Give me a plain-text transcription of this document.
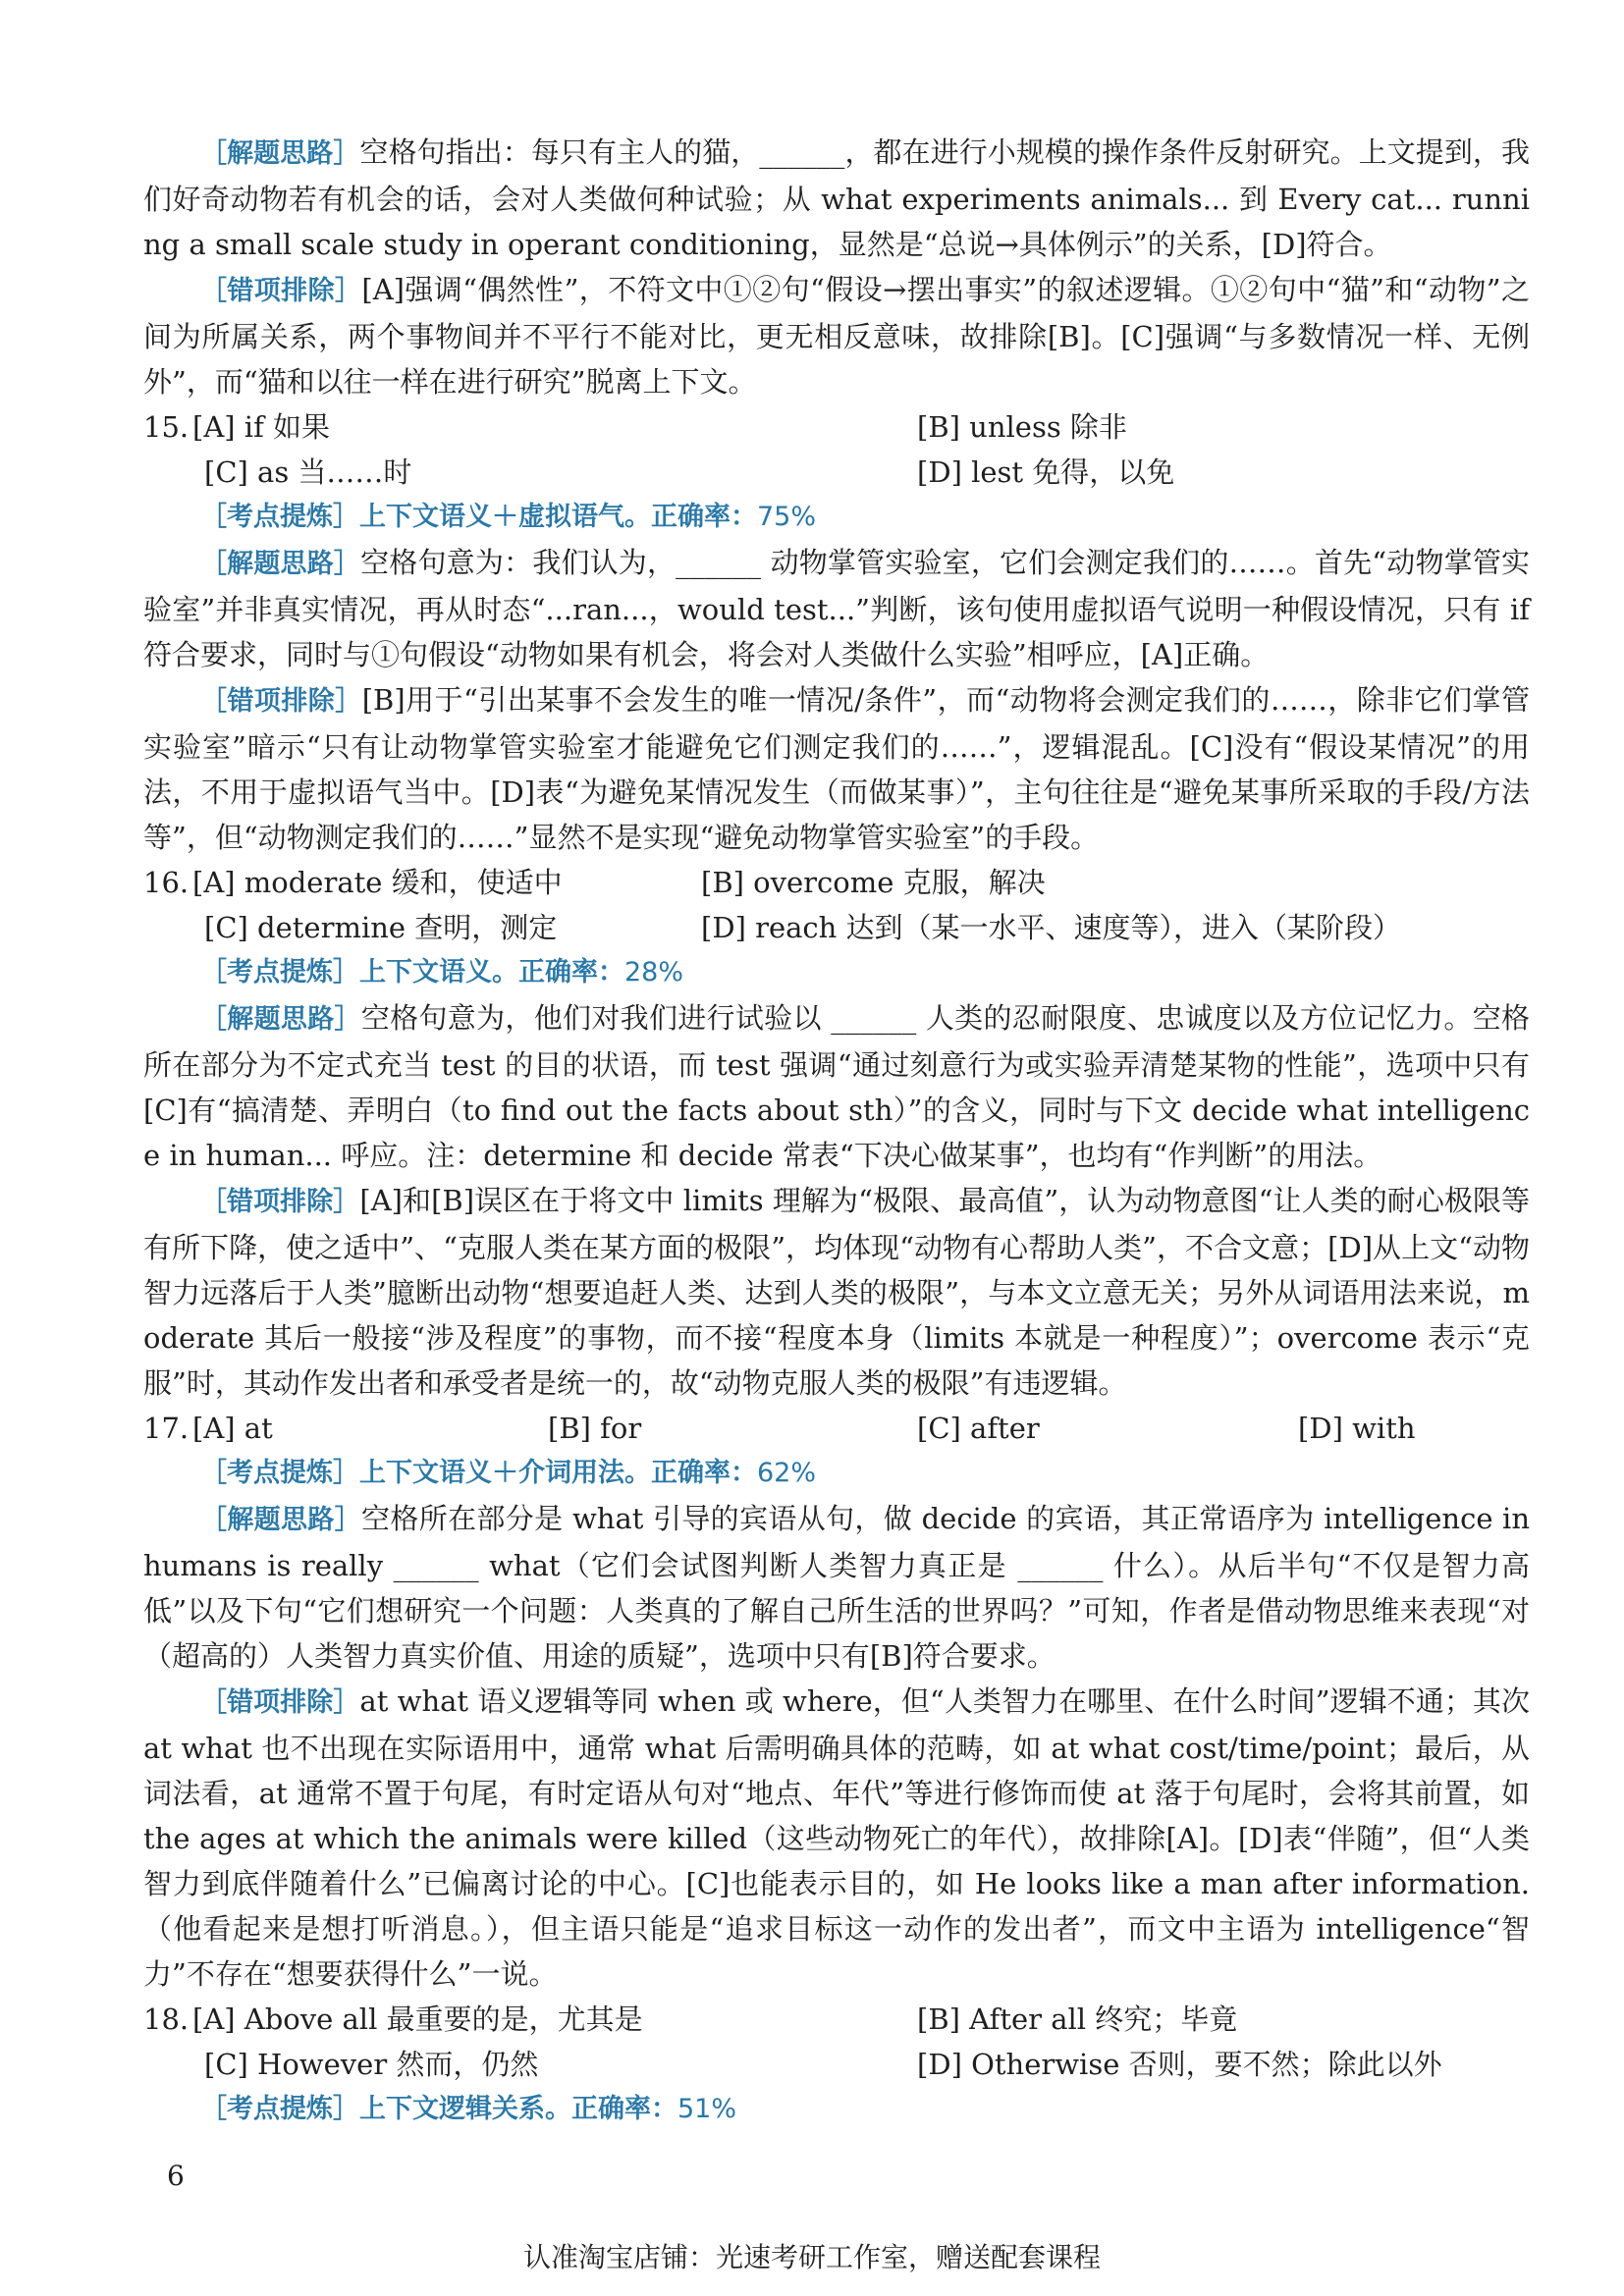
［解题思路］空格句指出：每只有主人的猫，______，都在进行小规模的操作条件反射研究。上文提到，我们好奇动物若有机会的话，会对人类做何种试验；从 what experiments animals... 到 Every cat... running a small scale study in operant conditioning，显然是“总说→具体例示”的关系，[D]符合。

［错项排除］[A]强调“偶然性”，不符文中①②句“假设→摆出事实”的叙述逻辑。①②句中“猫”和“动物”之间为所属关系，两个事物间并不平行不能对比，更无相反意味，故排除[B]。[C]强调“与多数情况一样、无例外”，而“猫和以往一样在进行研究”脱离上下文。

15. [A] if 如果	[B] unless 除非
[C] as 当……时	[D] lest 免得，以免
［考点提炼］上下文语义＋虚拟语气。正确率：75%

［解题思路］空格句意为：我们认为，______ 动物掌管实验室，它们会测定我们的……。首先“动物掌管实验室”并非真实情况，再从时态“...ran...，would test...”判断，该句使用虚拟语气说明一种假设情况，只有 if 符合要求，同时与①句假设“动物如果有机会，将会对人类做什么实验”相呼应，[A]正确。

［错项排除］[B]用于“引出某事不会发生的唯一情况/条件”，而“动物将会测定我们的……，除非它们掌管实验室”暗示“只有让动物掌管实验室才能避免它们测定我们的……”，逻辑混乱。[C]没有“假设某情况”的用法，不用于虚拟语气当中。[D]表“为避免某情况发生（而做某事）”，主句往往是“避免某事所采取的手段/方法等”，但“动物测定我们的……”显然不是实现“避免动物掌管实验室”的手段。

16. [A] moderate 缓和，使适中	[B] overcome 克服，解决
[C] determine 查明，测定	[D] reach 达到（某一水平、速度等），进入（某阶段）
［考点提炼］上下文语义。正确率：28%

［解题思路］空格句意为，他们对我们进行试验以 ______ 人类的忍耐限度、忠诚度以及方位记忆力。空格所在部分为不定式充当 test 的目的状语，而 test 强调“通过刻意行为或实验弄清楚某物的性能”，选项中只有[C]有“搞清楚、弄明白（to find out the facts about sth）”的含义，同时与下文 decide what intelligence in human... 呼应。注：determine 和 decide 常表“下决心做某事”，也均有“作判断”的用法。

［错项排除］[A]和[B]误区在于将文中 limits 理解为“极限、最高值”，认为动物意图“让人类的耐心极限等有所下降，使之适中”、“克服人类在某方面的极限”，均体现“动物有心帮助人类”，不合文意；[D]从上文“动物智力远落后于人类”臆断出动物“想要追赶人类、达到人类的极限”，与本文立意无关；另外从词语用法来说，moderate 其后一般接“涉及程度”的事物，而不接“程度本身（limits 本就是一种程度）”；overcome 表示“克服”时，其动作发出者和承受者是统一的，故“动物克服人类的极限”有违逻辑。

17. [A] at	[B] for	[C] after	[D] with
［考点提炼］上下文语义＋介词用法。正确率：62%

［解题思路］空格所在部分是 what 引导的宾语从句，做 decide 的宾语，其正常语序为 intelligence in humans is really ______ what（它们会试图判断人类智力真正是 ______ 什么）。从后半句“不仅是智力高低”以及下句“它们想研究一个问题：人类真的了解自己所生活的世界吗？”可知，作者是借动物思维来表现“对（超高的）人类智力真实价值、用途的质疑”，选项中只有[B]符合要求。

［错项排除］at what 语义逻辑等同 when 或 where，但“人类智力在哪里、在什么时间”逻辑不通；其次 at what 也不出现在实际语用中，通常 what 后需明确具体的范畴，如 at what cost/time/point；最后，从词法看，at 通常不置于句尾，有时定语从句对“地点、年代”等进行修饰而使 at 落于句尾时，会将其前置，如 the ages at which the animals were killed（这些动物死亡的年代），故排除[A]。[D]表“伴随”，但“人类智力到底伴随着什么”已偏离讨论的中心。[C]也能表示目的，如 He looks like a man after information.（他看起来是想打听消息。），但主语只能是“追求目标这一动作的发出者”，而文中主语为 intelligence“智力”不存在“想要获得什么”一说。

18. [A] Above all 最重要的是，尤其是	[B] After all 终究；毕竟
[C] However 然而，仍然	[D] Otherwise 否则，要不然；除此以外
［考点提炼］上下文逻辑关系。正确率：51%
6
认准淘宝店铺：光速考研工作室，赠送配套课程
